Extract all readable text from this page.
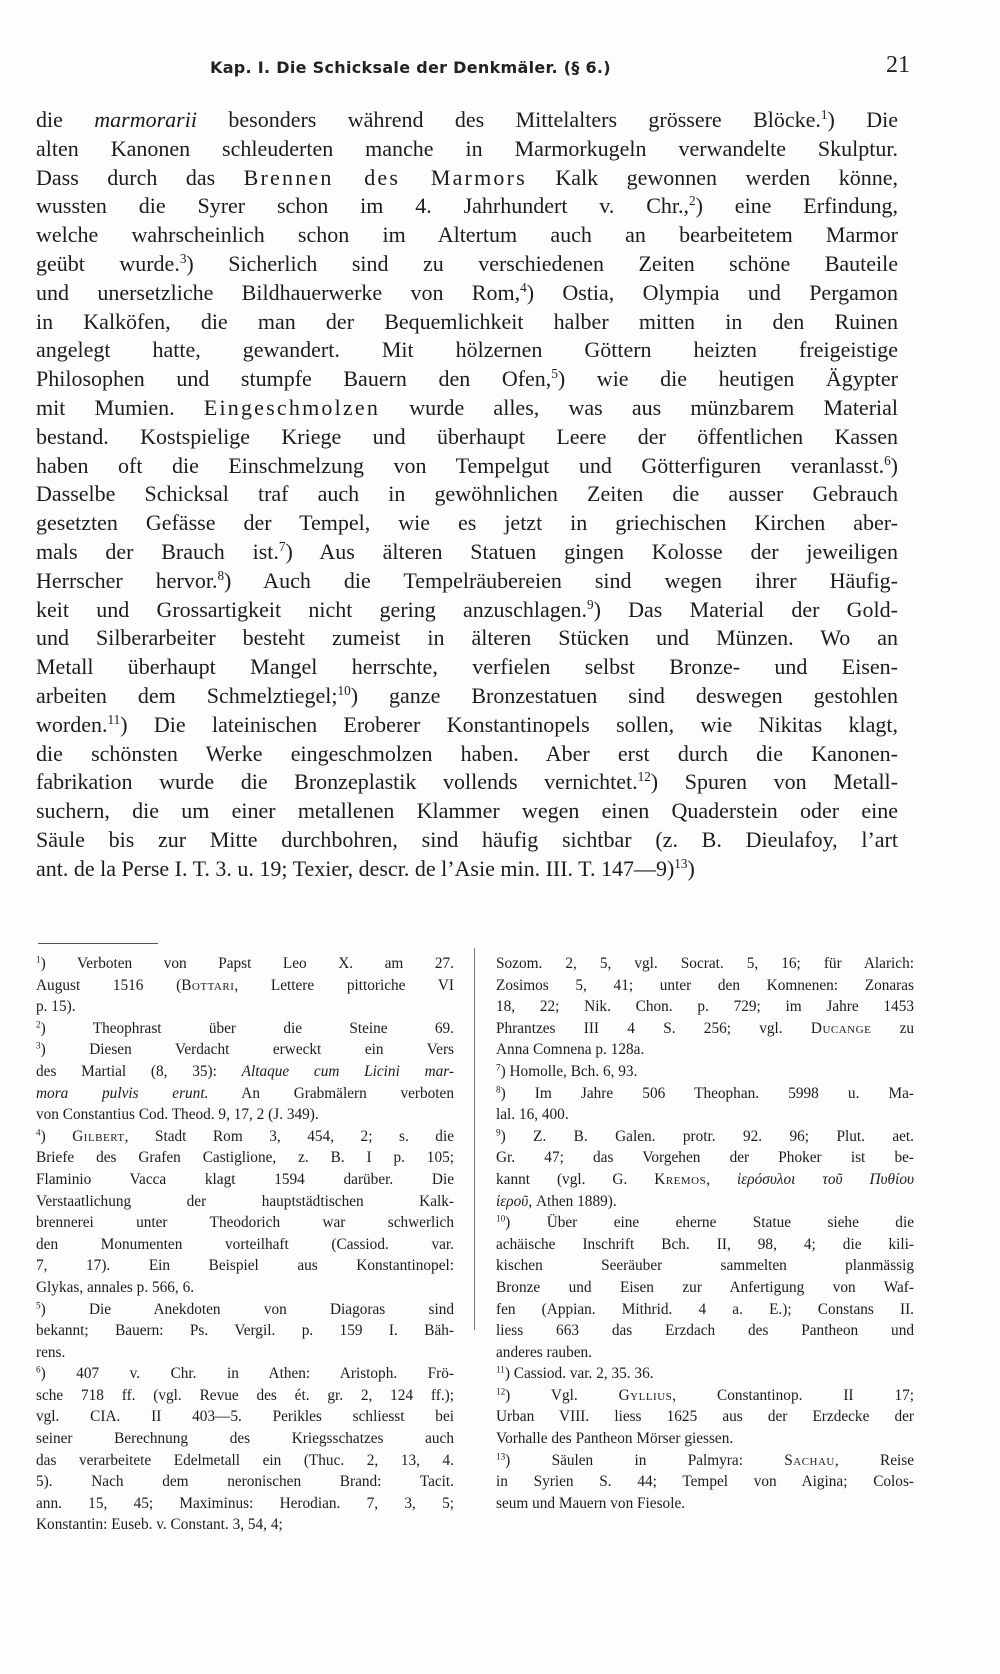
Kap. I. Die Schicksale der Denkmäler. (§ 6.)	21
die marmorarii besonders während des Mittelalters grössere Blöcke.$^1$) Die
alten Kanonen schleuderten manche in Marmorkugeln verwandelte Skulptur.
Dass durch das Brennen des Marmors Kalk gewonnen werden könne,
wussten die Syrer schon im 4. Jahrhundert v. Chr.,$^2$) eine Erfindung,
welche wahrscheinlich schon im Altertum auch an bearbeitetem Marmor
geübt wurde.$^3$) Sicherlich sind zu verschiedenen Zeiten schöne Bauteile
und unersetzliche Bildhauerwerke von Rom,$^4$) Ostia, Olympia und Pergamon
in Kalköfen, die man der Bequemlichkeit halber mitten in den Ruinen
angelegt hatte, gewandert. Mit hölzernen Göttern heizten freigeistige
Philosophen und stumpfe Bauern den Ofen,$^5$) wie die heutigen Ägypter
mit Mumien. Eingeschmolzen wurde alles, was aus münzbarem Material
bestand. Kostspielige Kriege und überhaupt Leere der öffentlichen Kassen
haben oft die Einschmelzung von Tempelgut und Götterfiguren veranlasst.$^6$)
Dasselbe Schicksal traf auch in gewöhnlichen Zeiten die ausser Gebrauch
gesetzten Gefässe der Tempel, wie es jetzt in griechischen Kirchen aber-
mals der Brauch ist.$^7$) Aus älteren Statuen gingen Kolosse der jeweiligen
Herrscher hervor.$^8$) Auch die Tempelräubereien sind wegen ihrer Häufig-
keit und Grossartigkeit nicht gering anzuschlagen.$^9$) Das Material der Gold-
und Silberarbeiter besteht zumeist in älteren Stücken und Münzen. Wo an
Metall überhaupt Mangel herrschte, verfielen selbst Bronze- und Eisen-
arbeiten dem Schmelztiegel;$^{10}$) ganze Bronzestatuen sind deswegen gestohlen
worden.$^{11}$) Die lateinischen Eroberer Konstantinopels sollen, wie Nikitas klagt,
die schönsten Werke eingeschmolzen haben. Aber erst durch die Kanonen-
fabrikation wurde die Bronzeplastik vollends vernichtet.$^{12}$) Spuren von Metall-
suchern, die um einer metallenen Klammer wegen einen Quaderstein oder eine
Säule bis zur Mitte durchbohren, sind häufig sichtbar (z. B. Dieulafoy, l’art
ant. de la Perse I. T. 3. u. 19; Texier, descr. de l’Asie min. III. T. 147—9)$^{13}$)
$^1$) Verboten von Papst Leo X. am 27.
August 1516 (Bottari, Lettere pittoriche VI
p. 15).
$^2$) Theophrast über die Steine 69.
$^3$) Diesen Verdacht erweckt ein Vers
des Martial (8, 35): Altaque cum Licini mar-
mora pulvis erunt. An Grabmälern verboten
von Constantius Cod. Theod. 9, 17, 2 (J. 349).
$^4$) Gilbert, Stadt Rom 3, 454, 2; s. die
Briefe des Grafen Castiglione, z. B. I p. 105;
Flaminio Vacca klagt 1594 darüber. Die
Verstaatlichung der hauptstädtischen Kalk-
brennerei unter Theodorich war schwerlich
den Monumenten vorteilhaft (Cassiod. var.
7, 17). Ein Beispiel aus Konstantinopel:
Glykas, annales p. 566, 6.
$^5$) Die Anekdoten von Diagoras sind
bekannt; Bauern: Ps. Vergil. p. 159 I. Bäh-
rens.
$^6$) 407 v. Chr. in Athen: Aristoph. Frö-
sche 718 ff. (vgl. Revue des ét. gr. 2, 124 ff.);
vgl. CIA. II 403—5. Perikles schliesst bei
seiner Berechnung des Kriegsschatzes auch
das verarbeitete Edelmetall ein (Thuc. 2, 13, 4.
5). Nach dem neronischen Brand: Tacit.
ann. 15, 45; Maximinus: Herodian. 7, 3, 5;
Konstantin: Euseb. v. Constant. 3, 54, 4;
Sozom. 2, 5, vgl. Socrat. 5, 16; für Alarich:
Zosimos 5, 41; unter den Komnenen: Zonaras
18, 22; Nik. Chon. p. 729; im Jahre 1453
Phrantzes III 4 S. 256; vgl. Ducange zu
Anna Comnena p. 128a.
$^7$) Homolle, Bch. 6, 93.
$^8$) Im Jahre 506 Theophan. 5998 u. Ma-
lal. 16, 400.
$^9$) Z. B. Galen. protr. 92. 96; Plut. aet.
Gr. 47; das Vorgehen der Phoker ist be-
kannt (vgl. G. Kremos, ἱερόσυλοι τοῦ Πυθίου
ἱεροῦ, Athen 1889).
$^{10}$) Über eine eherne Statue siehe die
achäische Inschrift Bch. II, 98, 4; die kili-
kischen Seeräuber sammelten planmässig
Bronze und Eisen zur Anfertigung von Waf-
fen (Appian. Mithrid. 4 a. E.); Constans II.
liess 663 das Erzdach des Pantheon und
anderes rauben.
$^{11}$) Cassiod. var. 2, 35. 36.
$^{12}$) Vgl. Gyllius, Constantinop. II 17;
Urban VIII. liess 1625 aus der Erzdecke der
Vorhalle des Pantheon Mörser giessen.
$^{13}$) Säulen in Palmyra: Sachau, Reise
in Syrien S. 44; Tempel von Aigina; Colos-
seum und Mauern von Fiesole.
